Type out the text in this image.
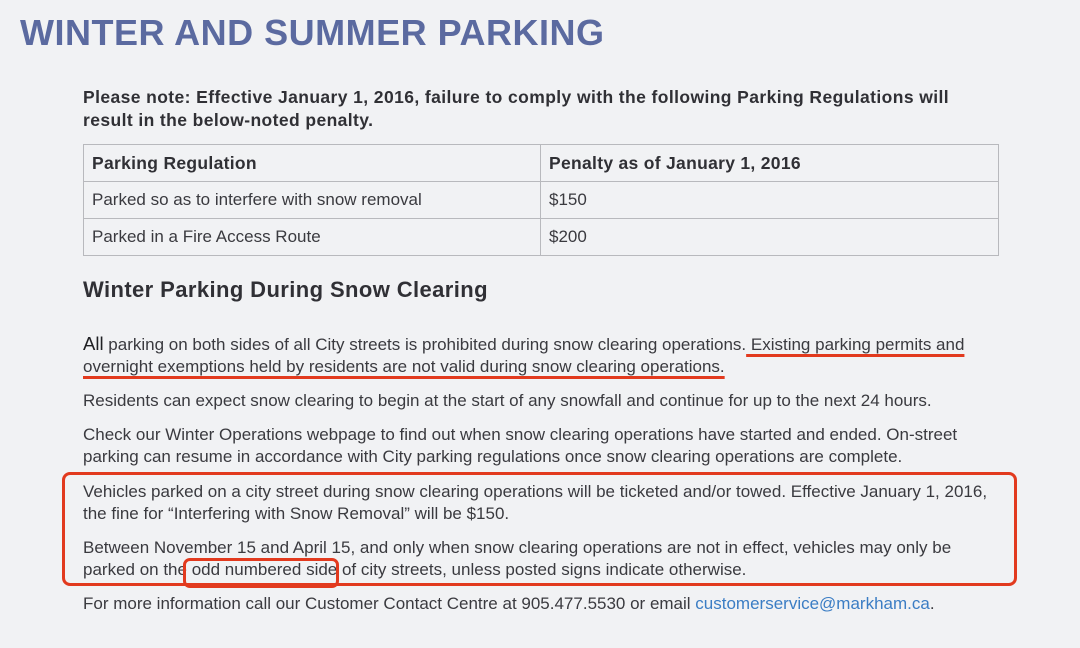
WINTER AND SUMMER PARKING
Please note: Effective January 1, 2016, failure to comply with the following Parking Regulations will result in the below-noted penalty.
Parking Regulation	Penalty as of January 1, 2016
Parked so as to interfere with snow removal	$150
Parked in a Fire Access Route	$200
Winter Parking During Snow Clearing
All parking on both sides of all City streets is prohibited during snow clearing operations. Existing parking permits and overnight exemptions held by residents are not valid during snow clearing operations.
Residents can expect snow clearing to begin at the start of any snowfall and continue for up to the next 24 hours.
Check our Winter Operations webpage to find out when snow clearing operations have started and ended. On-street parking can resume in accordance with City parking regulations once snow clearing operations are complete.
Vehicles parked on a city street during snow clearing operations will be ticketed and/or towed. Effective January 1, 2016, the fine for “Interfering with Snow Removal” will be $150.
Between November 15 and April 15, and only when snow clearing operations are not in effect, vehicles may only be parked on the odd numbered side of city streets, unless posted signs indicate otherwise.
For more information call our Customer Contact Centre at 905.477.5530 or email customerservice@markham.ca.
